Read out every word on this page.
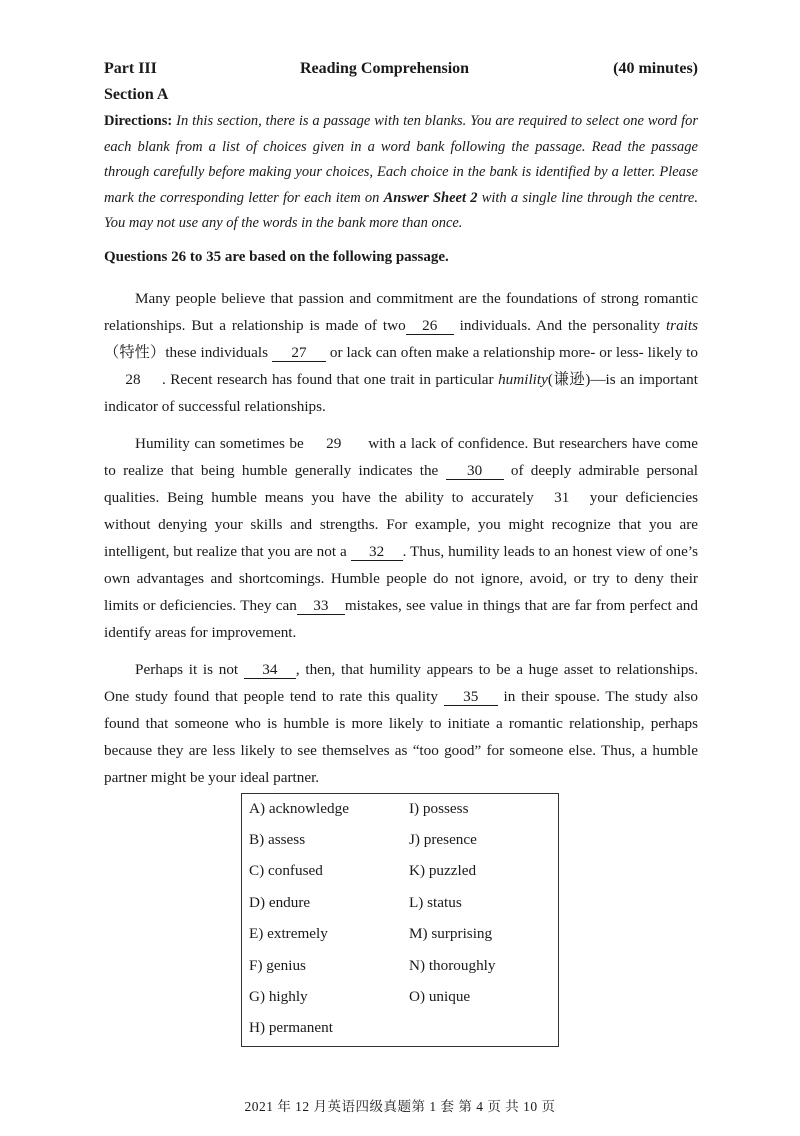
Part III	Reading Comprehension	(40 minutes)
Section A
Directions: In this section, there is a passage with ten blanks. You are required to select one word for each blank from a list of choices given in a word bank following the passage. Read the passage through carefully before making your choices, Each choice in the bank is identified by a letter. Please mark the corresponding letter for each item on Answer Sheet 2 with a single line through the centre. You may not use any of the words in the bank more than once.
Questions 26 to 35 are based on the following passage.

Many people believe that passion and commitment are the foundations of strong romantic relationships. But a relationship is made of two 26 individuals. And the personality traits（特性）these individuals 27 or lack can often make a relationship more- or less- likely to28 . Recent research has found that one trait in particular humility(谦逊)—is an important indicator of successful relationships.

Humility can sometimes be 29 with a lack of confidence. But researchers have come to realize that being humble generally indicates the 30 of deeply admirable personal qualities. Being humble means you have the ability to accurately 31 your deficiencies without denying your skills and strengths. For example, you might recognize that you are intelligent, but realize that you are not a 32 . Thus, humility leads to an honest view of one’s own advantages and shortcomings. Humble people do not ignore, avoid, or try to deny their limits or deficiencies. They can 33 mistakes, see value in things that are far from perfect and identify areas for improvement.

Perhaps it is not 34 , then, that humility appears to be a huge asset to relationships. One study found that people tend to rate this quality 35 in their spouse. The study also found that someone who is humble is more likely to initiate a romantic relationship, perhaps because they are less likely to see themselves as “too good” for someone else. Thus, a humble partner might be your ideal partner.

A) acknowledge
B) assess
C) confused
D) endure
E) extremely
F) genius
G) highly
H) permanent
I) possess
J) presence
K) puzzled
L) status
M) surprising
N) thoroughly
O) unique
2021 年 12 月英语四级真题第 1 套 第 4 页 共 10 页
